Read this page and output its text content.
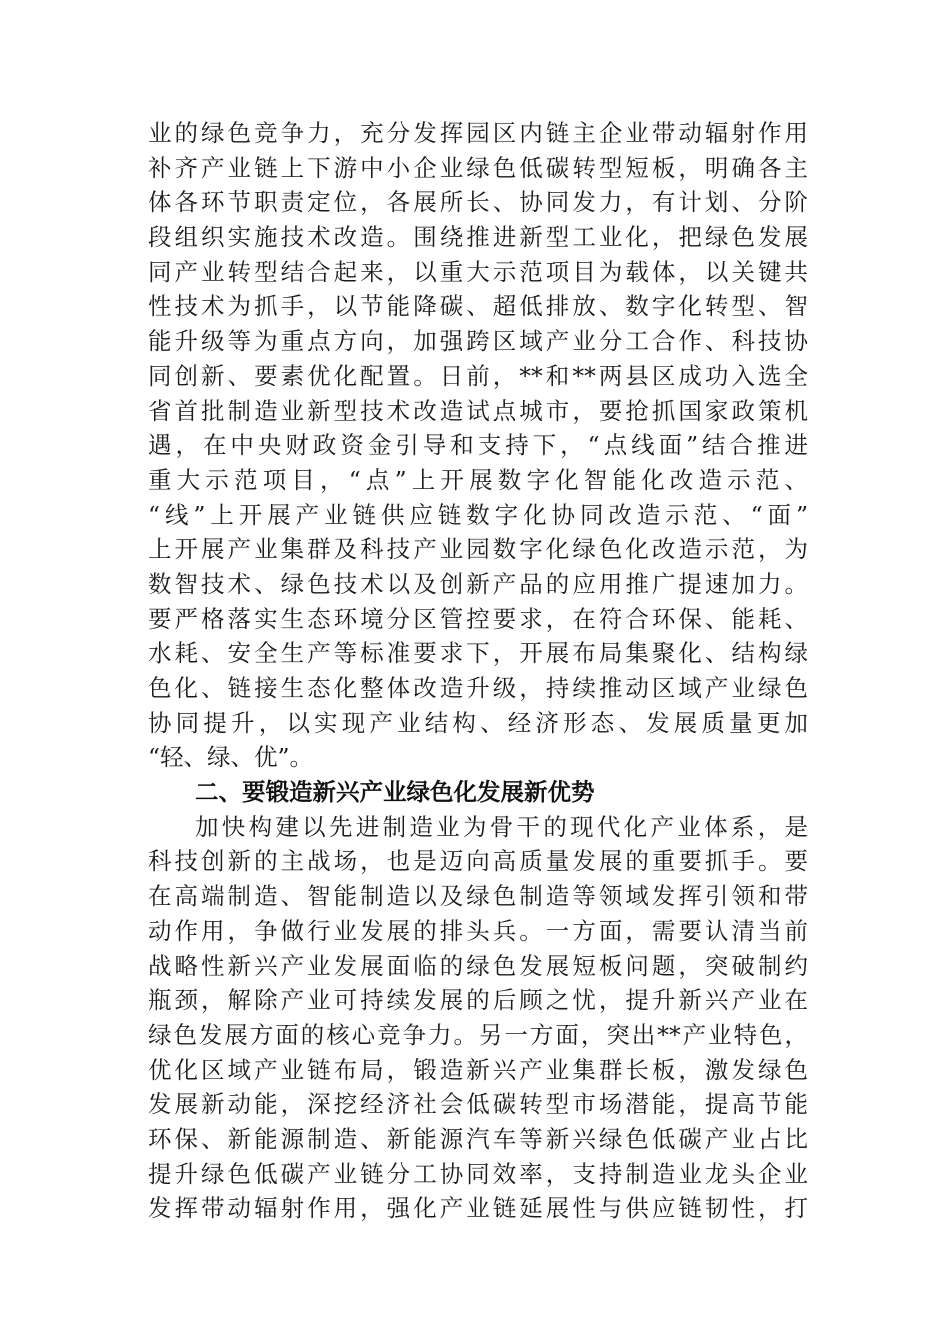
业的绿色竞争力，充分发挥园区内链主企业带动辐射作用
补齐产业链上下游中小企业绿色低碳转型短板，明确各主
体各环节职责定位，各展所长、协同发力，有计划、分阶
段组织实施技术改造。围绕推进新型工业化，把绿色发展
同产业转型结合起来，以重大示范项目为载体，以关键共
性技术为抓手，以节能降碳、超低排放、数字化转型、智
能升级等为重点方向，加强跨区域产业分工合作、科技协
同创新、要素优化配置。日前，**和**两县区成功入选全
省首批制造业新型技术改造试点城市，要抢抓国家政策机
遇，在中央财政资金引导和支持下，“点线面”结合推进
重大示范项目，“点”上开展数字化智能化改造示范、
“线”上开展产业链供应链数字化协同改造示范、“面”
上开展产业集群及科技产业园数字化绿色化改造示范，为
数智技术、绿色技术以及创新产品的应用推广提速加力。
要严格落实生态环境分区管控要求，在符合环保、能耗、
水耗、安全生产等标准要求下，开展布局集聚化、结构绿
色化、链接生态化整体改造升级，持续推动区域产业绿色
协同提升，以实现产业结构、经济形态、发展质量更加
“轻、绿、优”。
二、要锻造新兴产业绿色化发展新优势
加快构建以先进制造业为骨干的现代化产业体系，是
科技创新的主战场，也是迈向高质量发展的重要抓手。要
在高端制造、智能制造以及绿色制造等领域发挥引领和带
动作用，争做行业发展的排头兵。一方面，需要认清当前
战略性新兴产业发展面临的绿色发展短板问题，突破制约
瓶颈，解除产业可持续发展的后顾之忧，提升新兴产业在
绿色发展方面的核心竞争力。另一方面，突出**产业特色，
优化区域产业链布局，锻造新兴产业集群长板，激发绿色
发展新动能，深挖经济社会低碳转型市场潜能，提高节能
环保、新能源制造、新能源汽车等新兴绿色低碳产业占比
提升绿色低碳产业链分工协同效率，支持制造业龙头企业
发挥带动辐射作用，强化产业链延展性与供应链韧性，打
